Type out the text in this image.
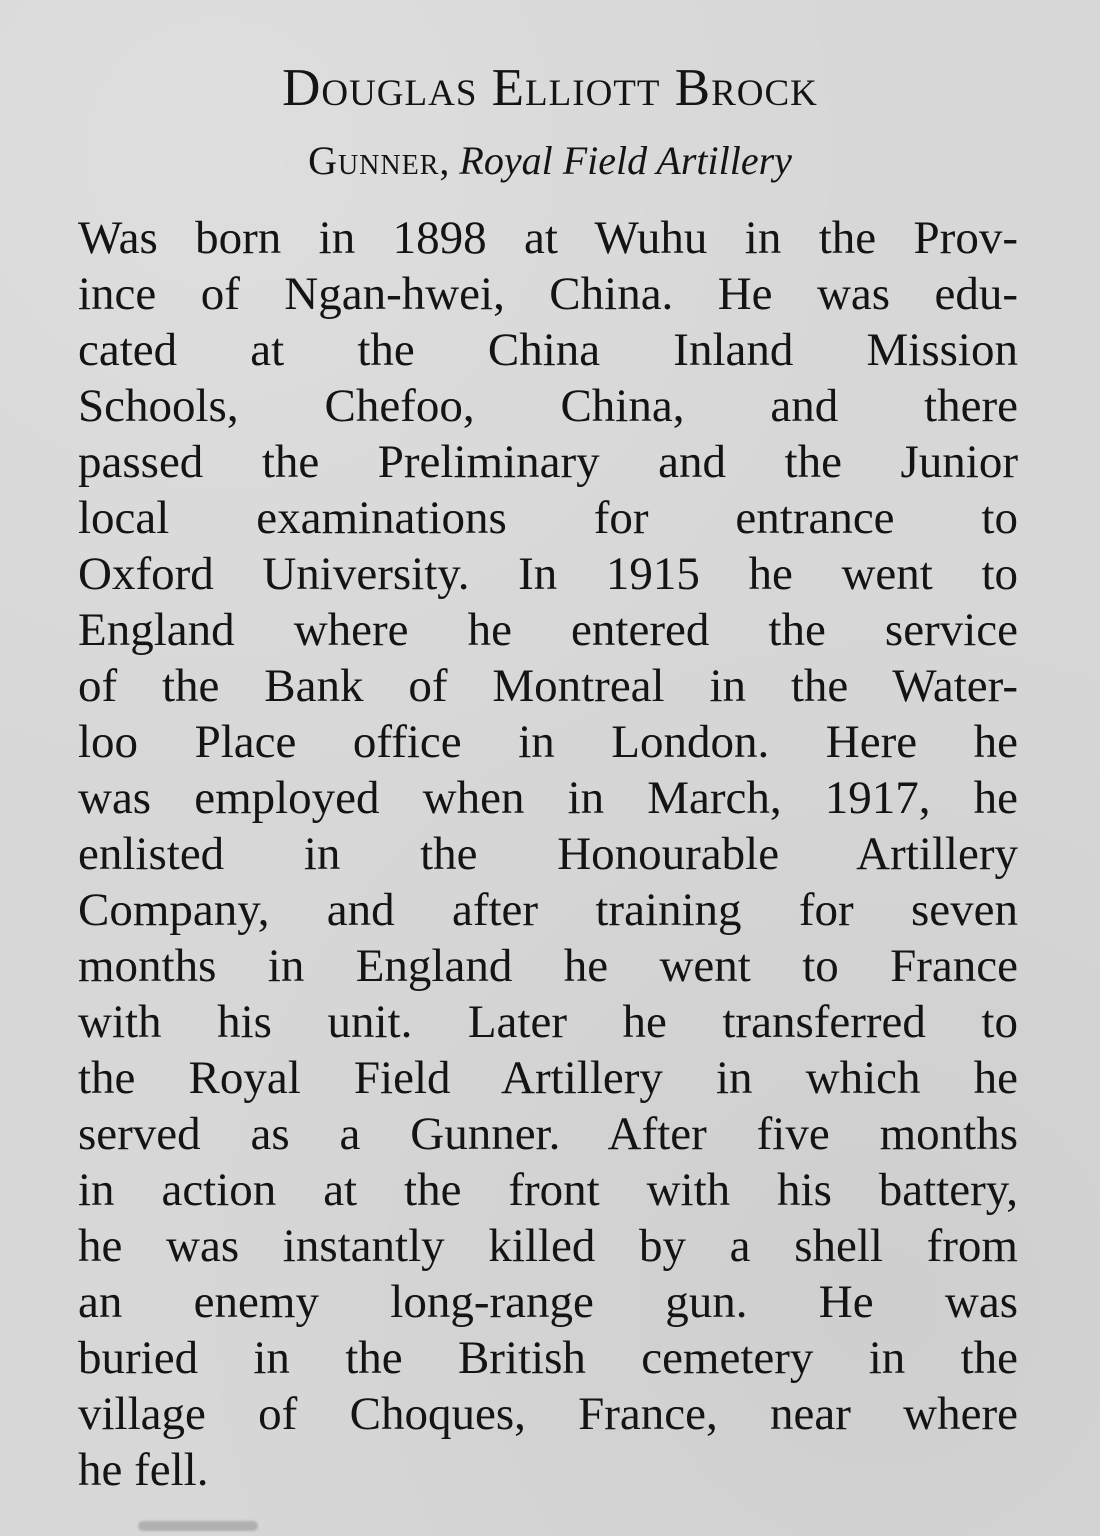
Douglas Elliott Brock
Gunner, Royal Field Artillery
Was born in 1898 at Wuhu in the Prov-
ince of Ngan-hwei, China. He was edu-
cated at the China Inland Mission
Schools, Chefoo, China, and there
passed the Preliminary and the Junior
local examinations for entrance to
Oxford University. In 1915 he went to
England where he entered the service
of the Bank of Montreal in the Water-
loo Place office in London. Here he
was employed when in March, 1917, he
enlisted in the Honourable Artillery
Company, and after training for seven
months in England he went to France
with his unit. Later he transferred to
the Royal Field Artillery in which he
served as a Gunner. After five months
in action at the front with his battery,
he was instantly killed by a shell from
an enemy long-range gun. He was
buried in the British cemetery in the
village of Choques, France, near where
he fell.
